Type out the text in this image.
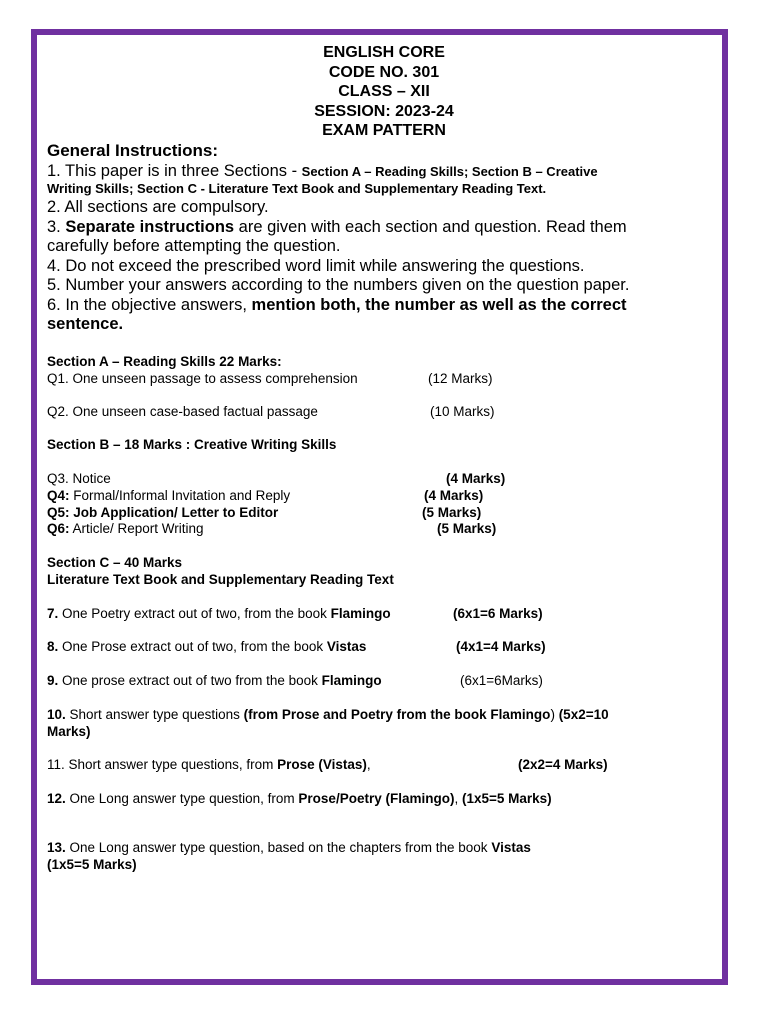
ENGLISH CORE
CODE NO. 301
CLASS – XII
SESSION: 2023-24
EXAM PATTERN
General Instructions:
1. This paper is in three Sections - Section A – Reading Skills; Section B – Creative
Writing Skills; Section C - Literature Text Book and Supplementary Reading Text.
2. All sections are compulsory.
3. Separate instructions are given with each section and question. Read them
carefully before attempting the question.
4. Do not exceed the prescribed word limit while answering the questions.
5. Number your answers according to the numbers given on the question paper.
6. In the objective answers, mention both, the number as well as the correct
sentence.
Section A – Reading Skills 22 Marks:
Q1. One unseen passage to assess comprehension	(12 Marks)
Q2. One unseen case-based factual passage	(10 Marks)
Section B – 18 Marks : Creative Writing Skills
Q3. Notice	(4 Marks)
Q4: Formal/Informal Invitation and Reply	(4 Marks)
Q5: Job Application/ Letter to Editor	(5 Marks)
Q6: Article/ Report Writing	(5 Marks)
Section C – 40 Marks
Literature Text Book and Supplementary Reading Text
7. One Poetry extract out of two, from the book Flamingo	(6x1=6 Marks)
8. One Prose extract out of two, from the book Vistas	(4x1=4 Marks)
9. One prose extract out of two from the book Flamingo	(6x1=6Marks)
10. Short answer type questions (from Prose and Poetry from the book Flamingo) (5x2=10
Marks)
11. Short answer type questions, from Prose (Vistas),	(2x2=4 Marks)
12. One Long answer type question, from Prose/Poetry (Flamingo), (1x5=5 Marks)
13. One Long answer type question, based on the chapters from the book Vistas
(1x5=5 Marks)
